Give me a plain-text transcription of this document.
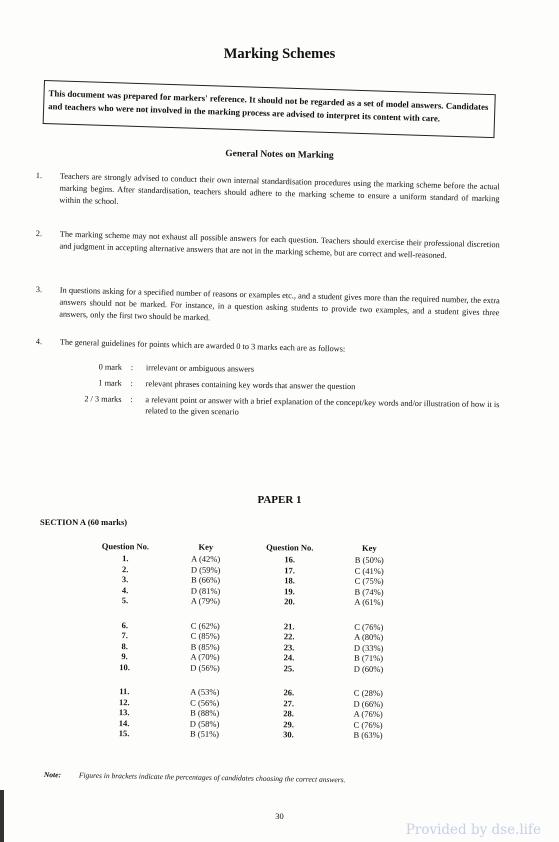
Marking Schemes
This document was prepared for markers' reference. It should not be regarded as a set of model answers. Candidates and teachers who were not involved in the marking process are advised to interpret its content with care.
General Notes on Marking
1.	Teachers are strongly advised to conduct their own internal standardisation procedures using the marking scheme before the actual marking begins. After standardisation, teachers should adhere to the marking scheme to ensure a uniform standard of marking within the school.
2.	The marking scheme may not exhaust all possible answers for each question. Teachers should exercise their professional discretion and judgment in accepting alternative answers that are not in the marking scheme, but are correct and well-reasoned.
3.	In questions asking for a specified number of reasons or examples etc., and a student gives more than the required number, the extra answers should not be marked. For instance, in a question asking students to provide two examples, and a student gives three answers, only the first two should be marked.
4.	The general guidelines for points which are awarded 0 to 3 marks each are as follows:
0 mark	:	irrelevant or ambiguous answers
1 mark	:	relevant phrases containing key words that answer the question
2 / 3 marks	:	a relevant point or answer with a brief explanation of the concept/key words and/or illustration of how it is related to the given scenario
PAPER 1
SECTION A (60 marks)
Question No.	Key	Question No.	Key
1.	A (42%)	16.	B (50%)
2.	D (59%)	17.	C (41%)
3.	B (66%)	18.	C (75%)
4.	D (81%)	19.	B (74%)
5.	A (79%)	20.	A (61%)
6.	C (62%)	21.	C (76%)
7.	C (85%)	22.	A (80%)
8.	B (85%)	23.	D (33%)
9.	A (70%)	24.	B (71%)
10.	D (56%)	25.	D (60%)
11.	A (53%)	26.	C (28%)
12.	C (56%)	27.	D (66%)
13.	B (88%)	28.	A (76%)
14.	D (58%)	29.	C (76%)
15.	B (51%)	30.	B (63%)
Note: Figures in brackets indicate the percentages of candidates choosing the correct answers.
30
Provided by dse.life
